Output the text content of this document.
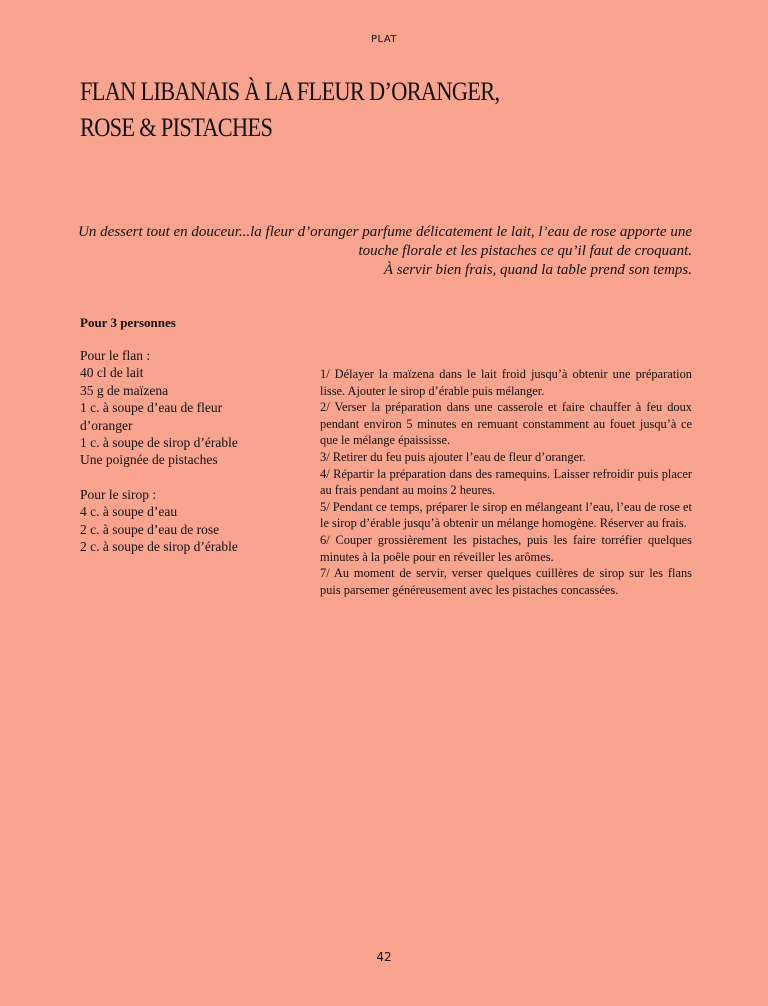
PLAT
FLAN LIBANAIS À LA FLEUR D’ORANGER,
ROSE & PISTACHES
Un dessert tout en douceur...la fleur d’oranger parfume délicatement le lait, l’eau de rose apporte une
touche florale et les pistaches ce qu’il faut de croquant.
À servir bien frais, quand la table prend son temps.
Pour 3 personnes
Pour le flan :
40 cl de lait
35 g de maïzena
1 c. à soupe d’eau de fleur
d’oranger
1 c. à soupe de sirop d’érable
Une poignée de pistaches
Pour le sirop :
4 c. à soupe d’eau
2 c. à soupe d’eau de rose
2 c. à soupe de sirop d’érable

1/ Délayer la maïzena dans le lait froid jusqu’à obtenir une préparation lisse. Ajouter le sirop d’érable puis mélanger.

2/ Verser la préparation dans une casserole et faire chauffer à feu doux pendant environ 5 minutes en remuant constamment au fouet jusqu’à ce que le mélange épaississe.

3/ Retirer du feu puis ajouter l’eau de fleur d’oranger.

4/ Répartir la préparation dans des ramequins. Laisser refroidir puis placer au frais pendant au moins 2 heures.

5/ Pendant ce temps, préparer le sirop en mélangeant l’eau, l’eau de rose et le sirop d’érable jusqu’à obtenir un mélange homogène. Réserver au frais.

6/ Couper grossièrement les pistaches, puis les faire torréfier quelques minutes à la poêle pour en réveiller les arômes.

7/ Au moment de servir, verser quelques cuillères de sirop sur les flans puis parsemer généreusement avec les pistaches concassées.

42
